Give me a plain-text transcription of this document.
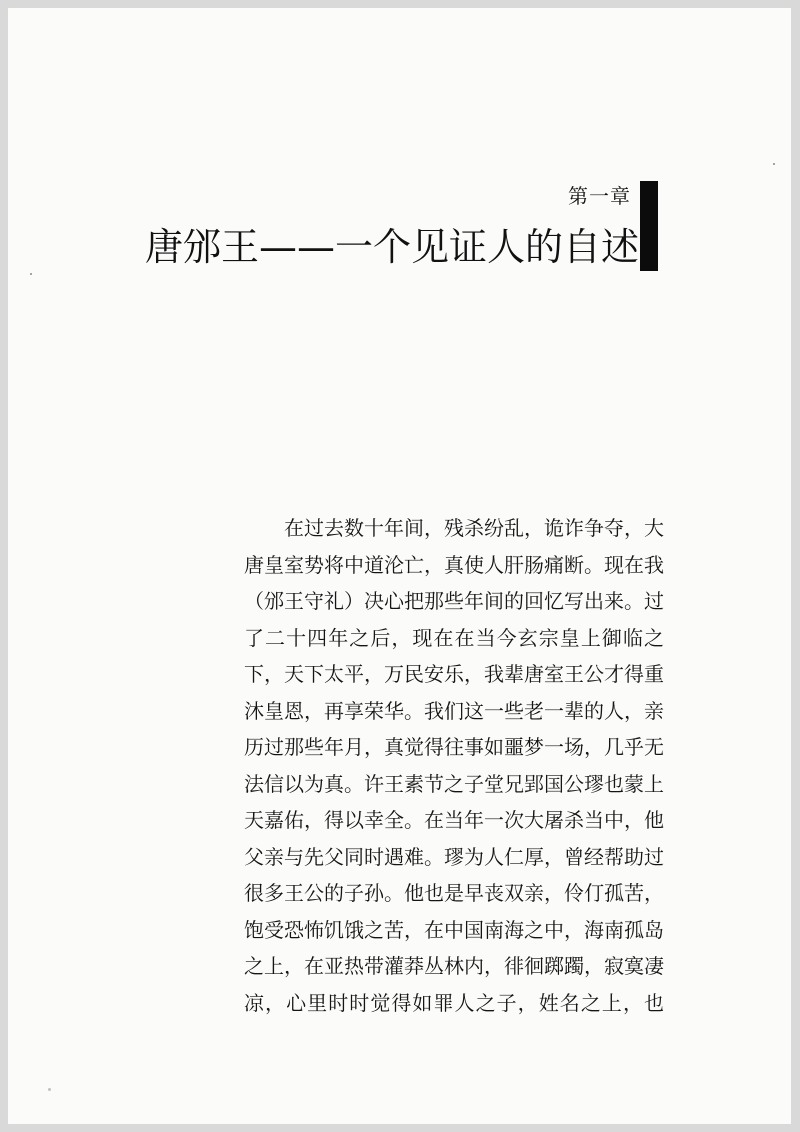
第一章
唐邠王——一个见证人的自述
在过去数十年间，残杀纷乱，诡诈争夺，大
唐皇室势将中道沦亡，真使人肝肠痛断。现在我
（邠王守礼）决心把那些年间的回忆写出来。过
了二十四年之后，现在在当今玄宗皇上御临之
下，天下太平，万民安乐，我辈唐室王公才得重
沐皇恩，再享荣华。我们这一些老一辈的人，亲
历过那些年月，真觉得往事如噩梦一场，几乎无
法信以为真。许王素节之子堂兄郢国公璆也蒙上
天嘉佑，得以幸全。在当年一次大屠杀当中，他
父亲与先父同时遇难。璆为人仁厚，曾经帮助过
很多王公的子孙。他也是早丧双亲，伶仃孤苦，
饱受恐怖饥饿之苦，在中国南海之中，海南孤岛
之上，在亚热带灌莽丛林内，徘徊踯躅，寂寞凄
凉，心里时时觉得如罪人之子，姓名之上，也
